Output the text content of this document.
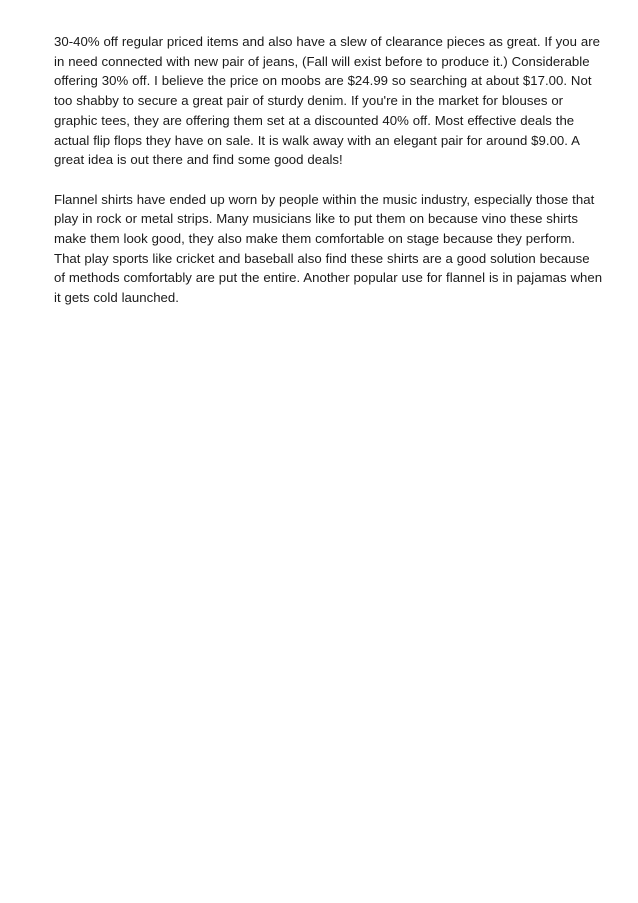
30-40% off regular priced items and also have a slew of clearance pieces as great. If you are
in need connected with new pair of jeans, (Fall will exist before to produce it.) Considerable
offering 30% off. I believe the price on moobs are $24.99 so searching at about $17.00. Not
too shabby to secure a great pair of sturdy denim. If you're in the market for blouses or
graphic tees, they are offering them set at a discounted 40% off. Most effective deals the
actual flip flops they have on sale. It is walk away with an elegant pair for around $9.00. A
great idea is out there and find some good deals!

Flannel shirts have ended up worn by people within the music industry, especially those that
play in rock or metal strips. Many musicians like to put them on because vino these shirts
make them look good, they also make them comfortable on stage because they perform.
That play sports like cricket and baseball also find these shirts are a good solution because
of methods comfortably are put the entire. Another popular use for flannel is in pajamas when
it gets cold launched.
